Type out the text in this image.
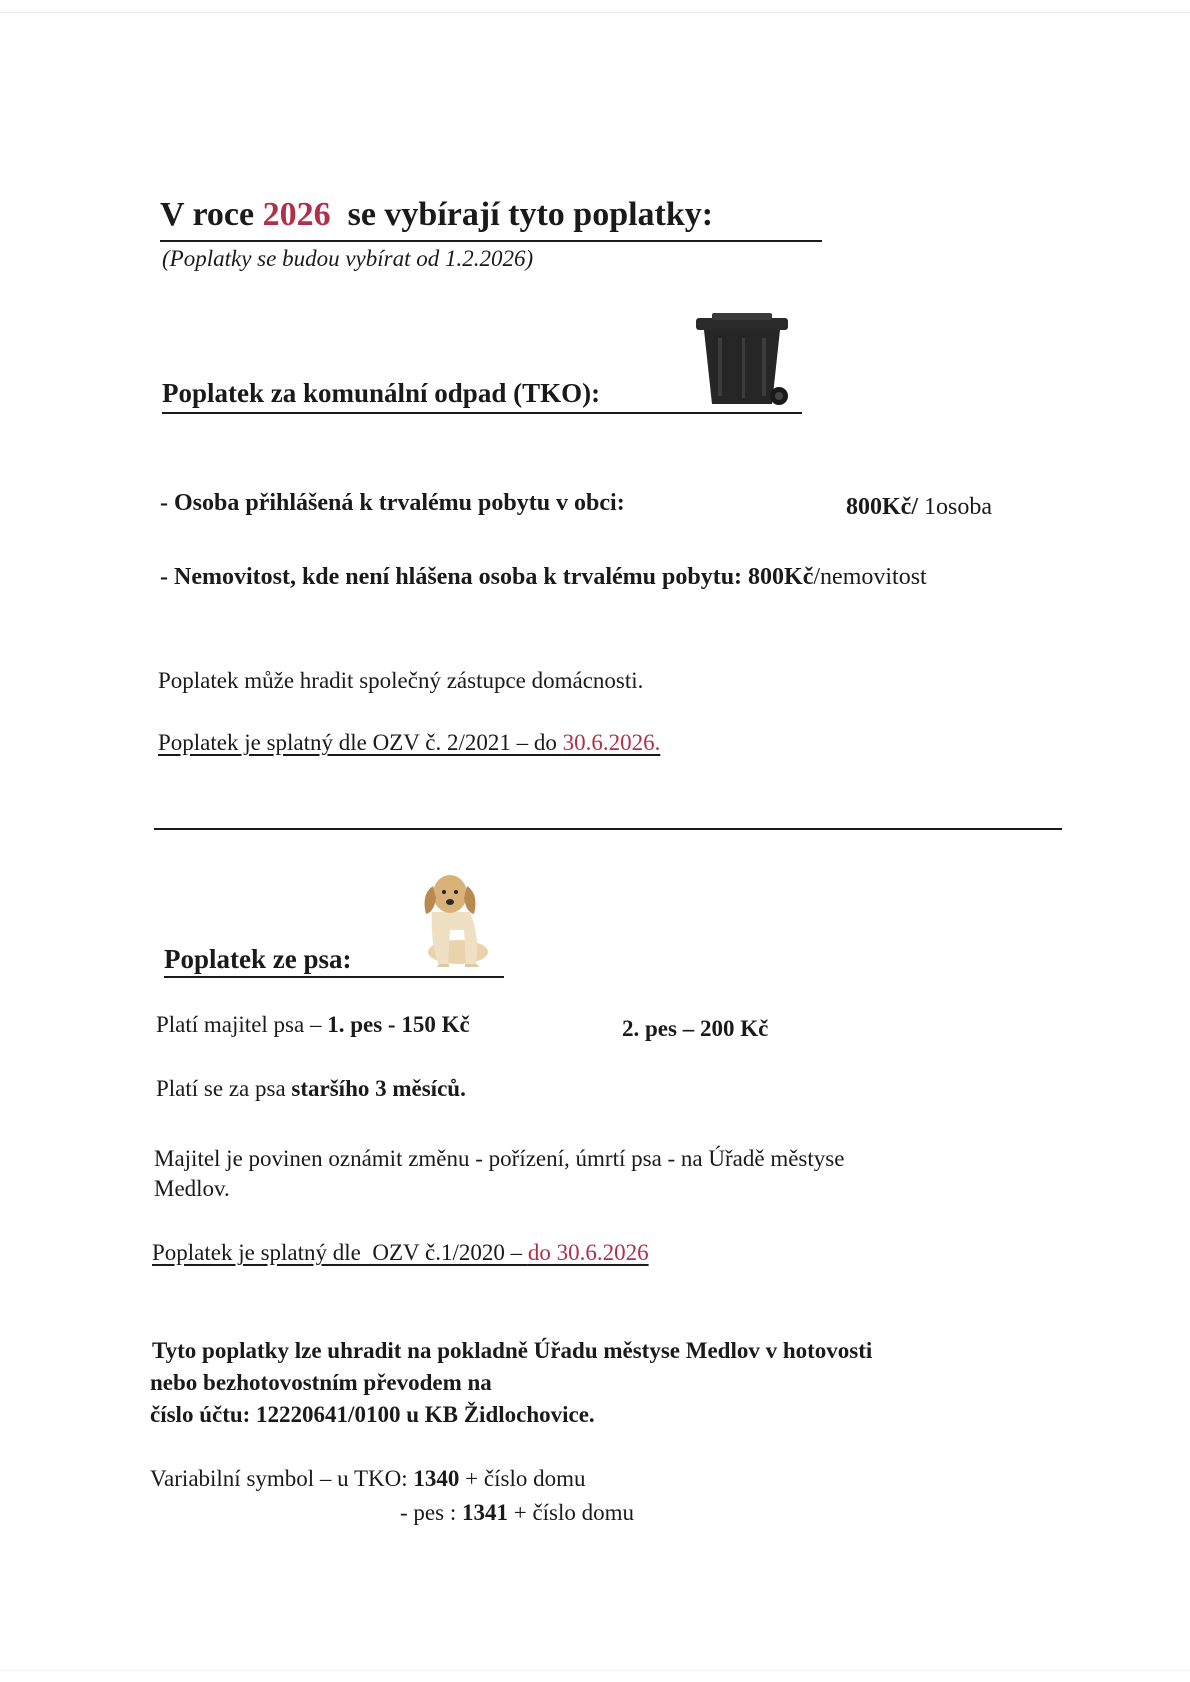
V roce 2026  se vybírají tyto poplatky:
(Poplatky se budou vybírat od 1.2.2026)
Poplatek za komunální odpad (TKO):
- Osoba přihlášená k trvalému pobytu v obci:	800Kč/ 1osoba
- Nemovitost, kde není hlášena osoba k trvalému pobytu: 800Kč/nemovitost
Poplatek může hradit společný zástupce domácnosti.
Poplatek je splatný dle OZV č. 2/2021 – do 30.6.2026.
Poplatek ze psa:
Platí majitel psa – 1. pes - 150 Kč	2. pes – 200 Kč
Platí se za psa staršího 3 měsíců.
Majitel je povinen oznámit změnu - pořízení, úmrtí psa - na Úřadě městyse
Medlov.
Poplatek je splatný dle  OZV č.1/2020 – do 30.6.2026
Tyto poplatky lze uhradit na pokladně Úřadu městyse Medlov v hotovosti
nebo bezhotovostním převodem na
číslo účtu: 12220641/0100 u KB Židlochovice.
Variabilní symbol – u TKO: 1340 + číslo domu
- pes : 1341 + číslo domu
